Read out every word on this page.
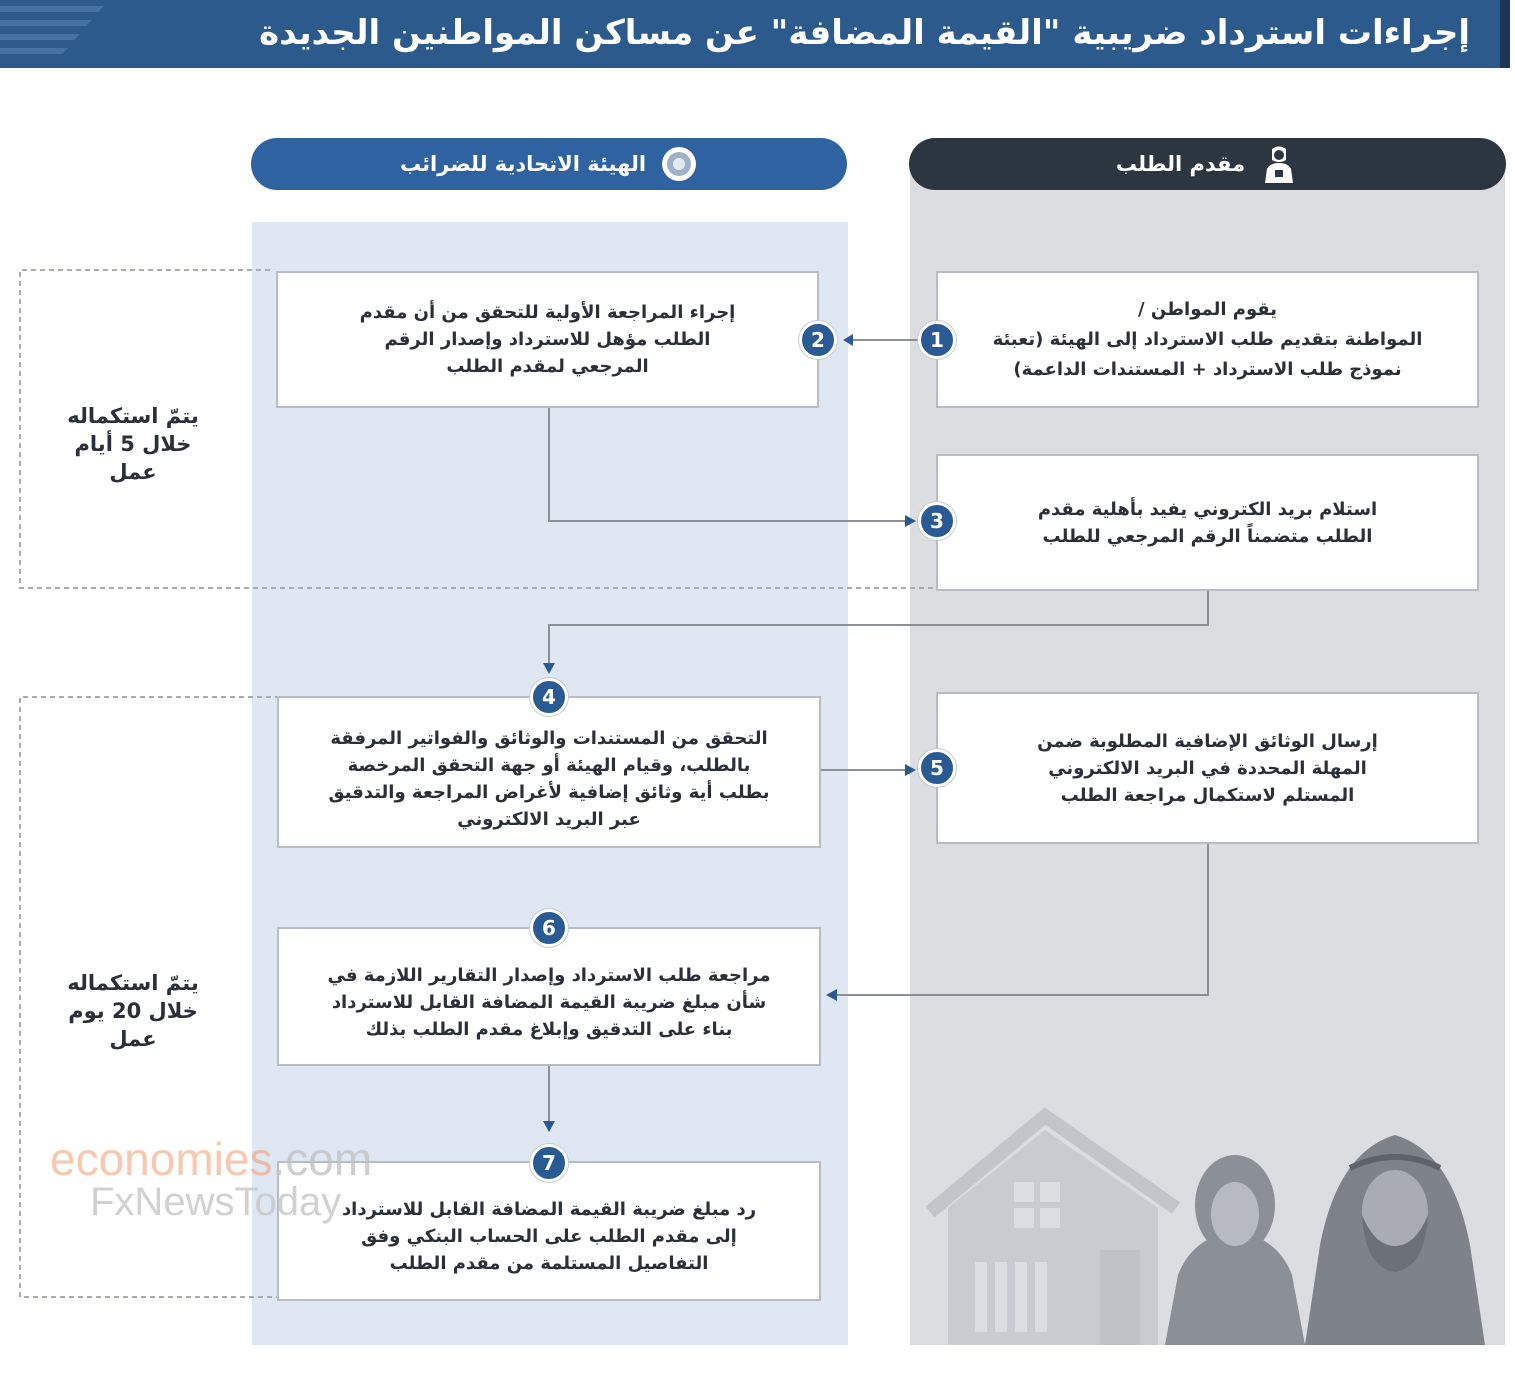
إجراءات استرداد ضريبية "القيمة المضافة" عن مساكن المواطنين الجديدة
الهيئة الاتحادية للضرائب	مقدم الطلب
يقوم المواطن /
المواطنة بتقديم طلب الاسترداد إلى الهيئة (تعبئة
نموذج طلب الاسترداد + المستندات الداعمة)
إجراء المراجعة الأولية للتحقق من أن مقدم
الطلب مؤهل للاسترداد وإصدار الرقم
المرجعي لمقدم الطلب
استلام بريد الكتروني يفيد بأهلية مقدم
الطلب متضمناً الرقم المرجعي للطلب
التحقق من المستندات والوثائق والفواتير المرفقة
بالطلب، وقيام الهيئة أو جهة التحقق المرخصة
بطلب أية وثائق إضافية لأغراض المراجعة والتدقيق
عبر البريد الالكتروني
إرسال الوثائق الإضافية المطلوبة ضمن
المهلة المحددة في البريد الالكتروني
المستلم لاستكمال مراجعة الطلب
مراجعة طلب الاسترداد وإصدار التقارير اللازمة في
شأن مبلغ ضريبة القيمة المضافة القابل للاسترداد
بناء على التدقيق وإبلاغ مقدم الطلب بذلك
رد مبلغ ضريبة القيمة المضافة القابل للاسترداد
إلى مقدم الطلب على الحساب البنكي وفق
التفاصيل المستلمة من مقدم الطلب
1
2
3
4
5
6
7
يتمّ استكماله
خلال 5 أيام
عمل
يتمّ استكماله
خلال 20 يوم
عمل
economies.com
FxNewsToday
